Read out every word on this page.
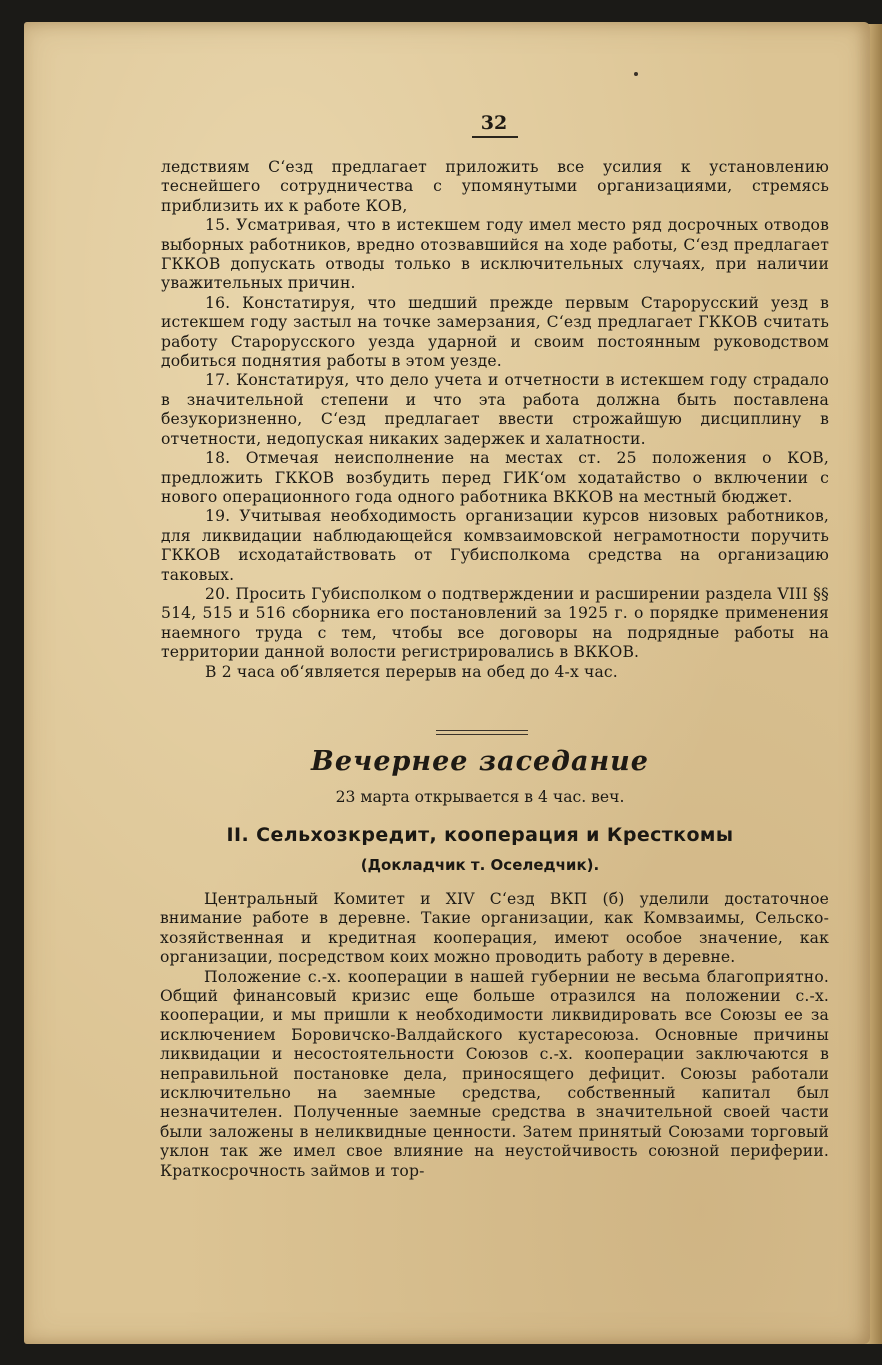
32

ледствиям С‘езд предлагает приложить все усилия к установлению теснейшего сотрудничества с упомянутыми организациями, стремясь приблизить их к работе КОВ,

15. Усматривая, что в истекшем году имел место ряд досрочных отводов выборных работников, вредно отозвавшийся на ходе работы, С‘езд предлагает ГККОВ допускать отводы только в исключительных случаях, при наличии уважительных причин.

16. Констатируя, что шедший прежде первым Старорусский уезд в истекшем году застыл на точке замерзания, С‘езд предлагает ГККОВ считать работу Старорусского уезда ударной и своим постоянным руководством добиться поднятия работы в этом уезде.

17. Констатируя, что дело учета и отчетности в истекшем году страдало в значительной степени и что эта работа должна быть поставлена безукоризненно, С‘езд предлагает ввести строжайшую дисциплину в отчетности, недопуская никаких задержек и халатности.

18. Отмечая неисполнение на местах ст. 25 положения о КОВ, предложить ГККОВ возбудить перед ГИК‘ом ходатайство о включении с нового операционного года одного работника ВККОВ на местный бюджет.

19. Учитывая необходимость организации курсов низовых работников, для ликвидации наблюдающейся комвзаимовской неграмотности поручить ГККОВ исходатайствовать от Губисполкома средства на организацию таковых.

20. Просить Губисполком о подтверждении и расширении раздела VIII §§ 514, 515 и 516 сборника его постановлений за 1925 г. о порядке применения наемного труда с тем, чтобы все договоры на подрядные работы на территории данной волости регистрировались в ВККОВ.

В 2 часа об‘является перерыв на обед до 4-х час.

Вечернее заседание
23 марта открывается в 4 час. веч.
II. Сельхозкредит, кооперация и Кресткомы
(Докладчик т. Оселедчик).

Центральный Комитет и XIV С‘езд ВКП (б) уделили достаточное внимание работе в деревне. Такие организации, как Комвзаимы, Сельско-хозяйственная и кредитная кооперация, имеют особое значение, как организации, посредством коих можно проводить работу в деревне.

Положение с.-х. кооперации в нашей губернии не весьма благоприятно. Общий финансовый кризис еще больше отразился на положении с.-х. кооперации, и мы пришли к необходимости ликвидировать все Союзы ее за исключением Боровичско-Валдайского кустаресоюза. Основные причины ликвидации и несостоятельности Союзов с.-х. кооперации заключаются в неправильной постановке дела, приносящего дефицит. Союзы работали исключительно на заемные средства, собственный капитал был незначителен. Полученные заемные средства в значительной своей части были заложены в неликвидные ценности. Затем принятый Союзами торговый уклон так же имел свое влияние на неустойчивость союзной периферии. Краткосрочность займов и тор-
